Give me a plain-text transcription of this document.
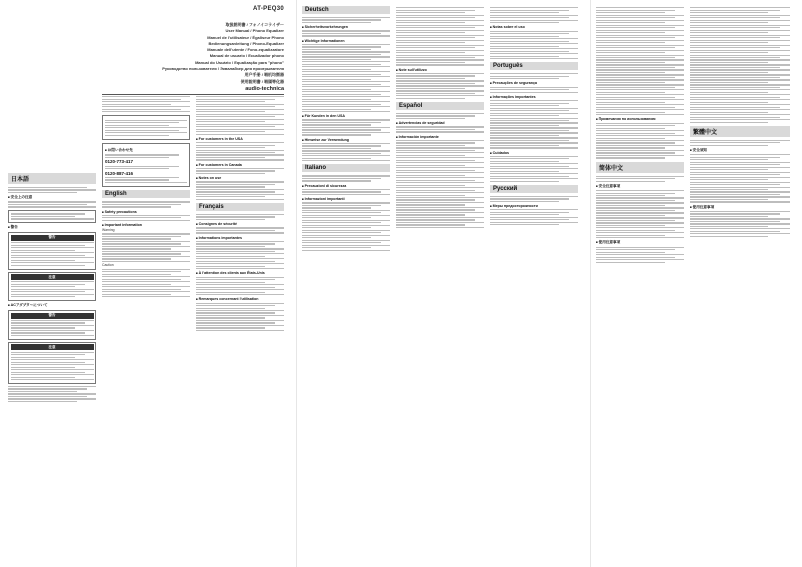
AT-PEQ30
取扱説明書 / フォノイコライザー
User Manual / Phono Equalizer
Manuel de l'utilisateur / Égaliseur Phono
Bedienungsanleitung / Phono-Equalizer
Manuale dell'utente / Fono-equalizzatore
Manual de usuario / Ecualizador phono
Manual do Usuário / Equalização para "phono"
Руководство пользователя / Эквалайзер для проигрывателя
用户手册 / 唱机均衡器
使用說明書 / 唱頭等化器
audio-technica
日本語
■ 安全上の注意
■ 警告
警告
注意
■ ACアダプターについて
警告
注意
■ お問い合わせ先
0120-773-417
0120-887-416
English
■ Safety precautions
■ Important information
Warning
Caution
■ For customers in the USA
■ For customers in Canada
■ Notes on use
Français
■ Consignes de sécurité
■ Informations importantes
■ À l'attention des clients aux États-Unis
■ Remarques concernant l'utilisation
Deutsch
■ Sicherheitsvorkehrungen
■ Wichtige Informationen
■ Für Kunden in den USA
■ Hinweise zur Verwendung
Italiano
■ Precauzioni di sicurezza
■ Informazioni importanti
■ Note sull'utilizzo
Español
■ Advertencias de seguridad
■ Información importante
■ Notas sobre el uso
Português
■ Precauções de segurança
■ Informações importantes
■ Cuidados
Русский
■ Меры предосторожности
■ Примечания по использованию
简体中文
■ 安全注意事项
■ 使用注意事项
繁體中文
■ 安全須知
■ 使用注意事項
